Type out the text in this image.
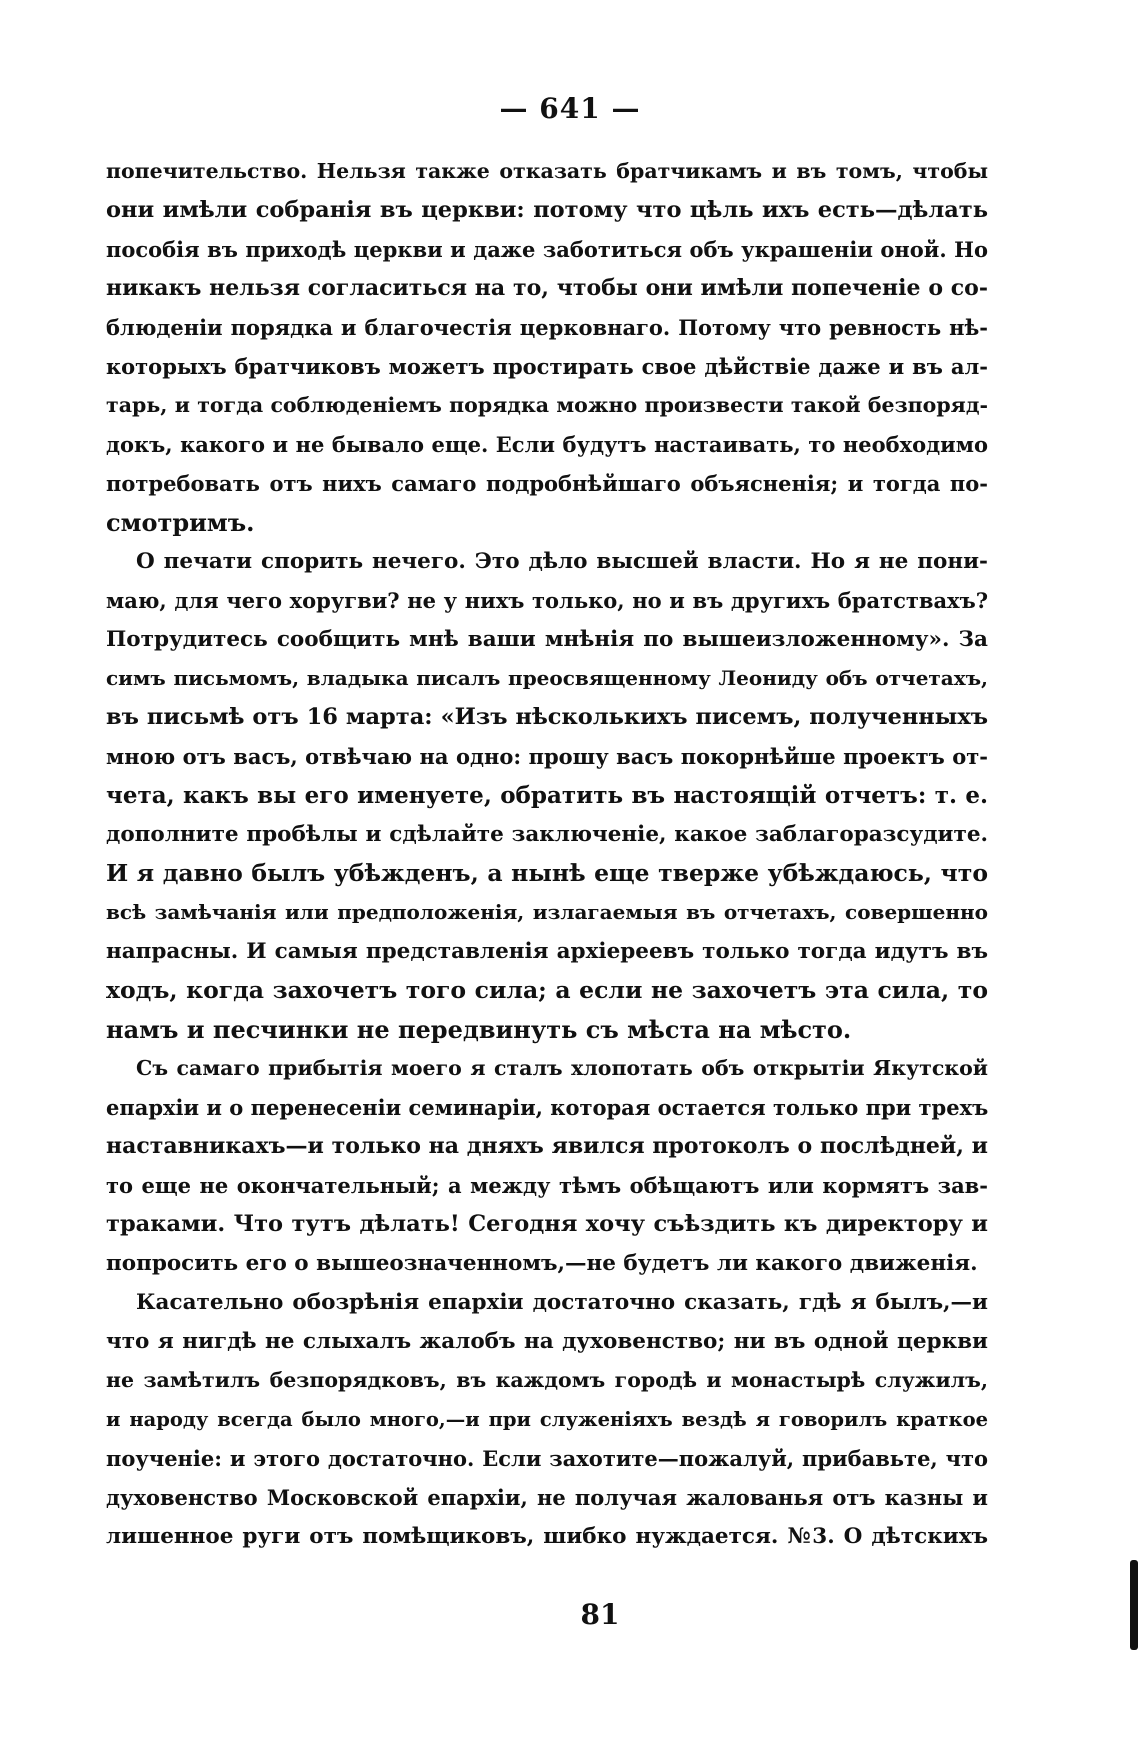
— 641 —
попечительство. Нельзя также отказать братчикамъ и въ томъ, чтобы
они имѣли собранія въ церкви: потому что цѣль ихъ есть—дѣлать
пособія въ приходѣ церкви и даже заботиться объ украшеніи оной. Но
никакъ нельзя согласиться на то, чтобы они имѣли попеченіе о со-
блюденіи порядка и благочестія церковнаго. Потому что ревность нѣ-
которыхъ братчиковъ можетъ простирать свое дѣйствіе даже и въ ал-
тарь, и тогда соблюденіемъ порядка можно произвести такой безпоряд-
докъ, какого и не бывало еще. Если будутъ настаивать, то необходимо
потребовать отъ нихъ самаго подробнѣйшаго объясненія; и тогда по-
смотримъ.
О печати спорить нечего. Это дѣло высшей власти. Но я не пони-
маю, для чего хоругви? не у нихъ только, но и въ другихъ братствахъ?
Потрудитесь сообщить мнѣ ваши мнѣнія по вышеизложенному». За
симъ письмомъ, владыка писалъ преосвященному Леониду объ отчетахъ,
въ письмѣ отъ 16 марта: «Изъ нѣсколькихъ писемъ, полученныхъ
мною отъ васъ, отвѣчаю на одно: прошу васъ покорнѣйше проектъ от-
чета, какъ вы его именуете, обратить въ настоящій отчетъ: т. е.
дополните пробѣлы и сдѣлайте заключеніе, какое заблагоразсудите.
И я давно былъ убѣжденъ, а нынѣ еще тверже убѣждаюсь, что
всѣ замѣчанія или предположенія, излагаемыя въ отчетахъ, совершенно
напрасны. И самыя представленія архіереевъ только тогда идутъ въ
ходъ, когда захочетъ того сила; а если не захочетъ эта сила, то
намъ и песчинки не передвинуть съ мѣста на мѣсто.
Съ самаго прибытія моего я сталъ хлопотать объ открытіи Якутской
епархіи и о перенесеніи семинаріи, которая остается только при трехъ
наставникахъ—и только на дняхъ явился протоколъ о послѣдней, и
то еще не окончательный; а между тѣмъ обѣщаютъ или кормятъ зав-
траками. Что тутъ дѣлать! Сегодня хочу съѣздить къ директору и
попросить его о вышеозначенномъ,—не будетъ ли какого движенія.
Касательно обозрѣнія епархіи достаточно сказать, гдѣ я былъ,—и
что я нигдѣ не слыхалъ жалобъ на духовенство; ни въ одной церкви
не замѣтилъ безпорядковъ, въ каждомъ городѣ и монастырѣ служилъ,
и народу всегда было много,—и при служеніяхъ вездѣ я говорилъ краткое
поученіе: и этого достаточно. Если захотите—пожалуй, прибавьте, что
духовенство Московской епархіи, не получая жалованья отъ казны и
лишенное руги отъ помѣщиковъ, шибко нуждается. №3. О дѣтскихъ
81
